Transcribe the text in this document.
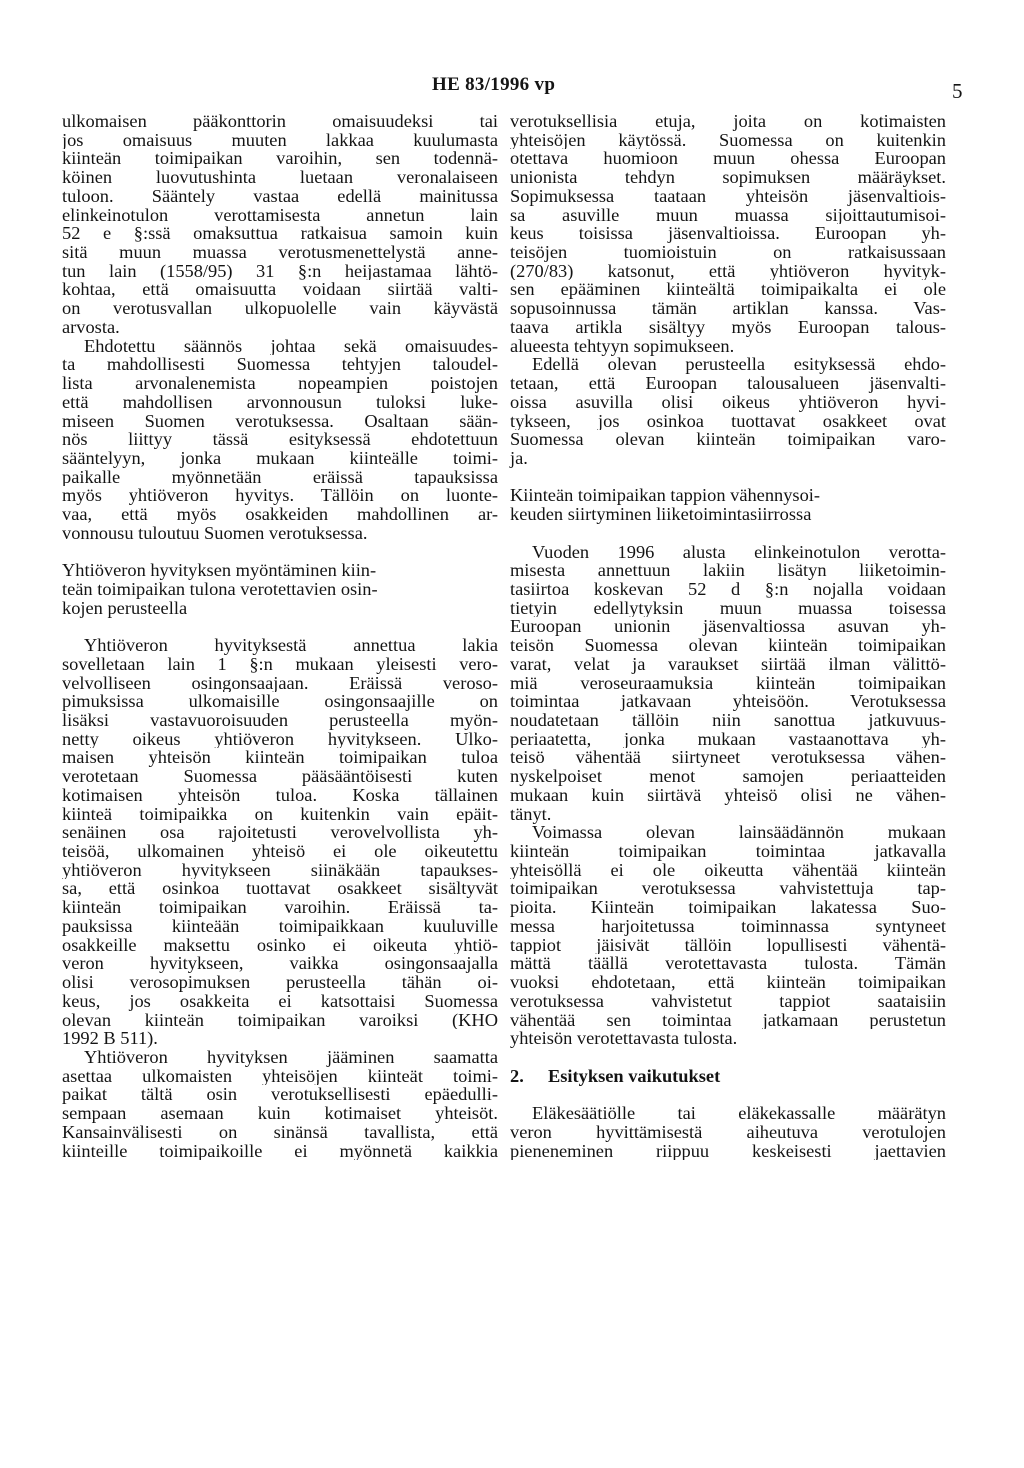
HE 83/1996 vp	5
ulkomaisen pääkonttorin omaisuudeksi tai
jos omaisuus muuten lakkaa kuulumasta
kiinteän toimipaikan varoihin, sen todennä-
köinen luovutushinta luetaan veronalaiseen
tuloon. Sääntely vastaa edellä mainitussa
elinkeinotulon verottamisesta annetun lain
52 e §:ssä omaksuttua ratkaisua samoin kuin
sitä muun muassa verotusmenettelystä anne-
tun lain (1558/95) 31 §:n heijastamaa lähtö-
kohtaa, että omaisuutta voidaan siirtää valti-
on verotusvallan ulkopuolelle vain käyvästä
arvosta.
Ehdotettu säännös johtaa sekä omaisuudes-
ta mahdollisesti Suomessa tehtyjen taloudel-
lista arvonalenemista nopeampien poistojen
että mahdollisen arvonnousun tuloksi luke-
miseen Suomen verotuksessa. Osaltaan sään-
nös liittyy tässä esityksessä ehdotettuun
sääntelyyn, jonka mukaan kiinteälle toimi-
paikalle myönnetään eräissä tapauksissa
myös yhtiöveron hyvitys. Tällöin on luonte-
vaa, että myös osakkeiden mahdollinen ar-
vonnousu tuloutuu Suomen verotuksessa.
Yhtiöveron hyvityksen myöntäminen kiin-
teän toimipaikan tulona verotettavien osin-
kojen perusteella
Yhtiöveron hyvityksestä annettua lakia
sovelletaan lain 1 §:n mukaan yleisesti vero-
velvolliseen osingonsaajaan. Eräissä veroso-
pimuksissa ulkomaisille osingonsaajille on
lisäksi vastavuoroisuuden perusteella myön-
netty oikeus yhtiöveron hyvitykseen. Ulko-
maisen yhteisön kiinteän toimipaikan tuloa
verotetaan Suomessa pääsääntöisesti kuten
kotimaisen yhteisön tuloa. Koska tällainen
kiinteä toimipaikka on kuitenkin vain epäit-
senäinen osa rajoitetusti verovelvollista yh-
teisöä, ulkomainen yhteisö ei ole oikeutettu
yhtiöveron hyvitykseen siinäkään tapaukses-
sa, että osinkoa tuottavat osakkeet sisältyvät
kiinteän toimipaikan varoihin. Eräissä ta-
pauksissa kiinteään toimipaikkaan kuuluville
osakkeille maksettu osinko ei oikeuta yhtiö-
veron hyvitykseen, vaikka osingonsaajalla
olisi verosopimuksen perusteella tähän oi-
keus, jos osakkeita ei katsottaisi Suomessa
olevan kiinteän toimipaikan varoiksi (KHO
1992 B 511).
Yhtiöveron hyvityksen jääminen saamatta
asettaa ulkomaisten yhteisöjen kiinteät toimi-
paikat tältä osin verotuksellisesti epäedulli-
sempaan asemaan kuin kotimaiset yhteisöt.
Kansainvälisesti on sinänsä tavallista, että
kiinteille toimipaikoille ei myönnetä kaikkia
verotuksellisia etuja, joita on kotimaisten
yhteisöjen käytössä. Suomessa on kuitenkin
otettava huomioon muun ohessa Euroopan
unionista tehdyn sopimuksen määräykset.
Sopimuksessa taataan yhteisön jäsenvaltiois-
sa asuville muun muassa sijoittautumisoi-
keus toisissa jäsenvaltioissa. Euroopan yh-
teisöjen tuomioistuin on ratkaisussaan
(270/83) katsonut, että yhtiöveron hyvityk-
sen epääminen kiinteältä toimipaikalta ei ole
sopusoinnussa tämän artiklan kanssa. Vas-
taava artikla sisältyy myös Euroopan talous-
alueesta tehtyyn sopimukseen.
Edellä olevan perusteella esityksessä ehdo-
tetaan, että Euroopan talousalueen jäsenvalti-
oissa asuvilla olisi oikeus yhtiöveron hyvi-
tykseen, jos osinkoa tuottavat osakkeet ovat
Suomessa olevan kiinteän toimipaikan varo-
ja.
Kiinteän toimipaikan tappion vähennysoi-
keuden siirtyminen liiketoimintasiirrossa
Vuoden 1996 alusta elinkeinotulon verotta-
misesta annettuun lakiin lisätyn liiketoimin-
tasiirtoa koskevan 52 d §:n nojalla voidaan
tietyin edellytyksin muun muassa toisessa
Euroopan unionin jäsenvaltiossa asuvan yh-
teisön Suomessa olevan kiinteän toimipaikan
varat, velat ja varaukset siirtää ilman välittö-
miä veroseuraamuksia kiinteän toimipaikan
toimintaa jatkavaan yhteisöön. Verotuksessa
noudatetaan tällöin niin sanottua jatkuvuus-
periaatetta, jonka mukaan vastaanottava yh-
teisö vähentää siirtyneet verotuksessa vähen-
nyskelpoiset menot samojen periaatteiden
mukaan kuin siirtävä yhteisö olisi ne vähen-
tänyt.
Voimassa olevan lainsäädännön mukaan
kiinteän toimipaikan toimintaa jatkavalla
yhteisöllä ei ole oikeutta vähentää kiinteän
toimipaikan verotuksessa vahvistettuja tap-
pioita. Kiinteän toimipaikan lakatessa Suo-
messa harjoitetussa toiminnassa syntyneet
tappiot jäisivät tällöin lopullisesti vähentä-
mättä täällä verotettavasta tulosta. Tämän
vuoksi ehdotetaan, että kiinteän toimipaikan
verotuksessa vahvistetut tappiot saataisiin
vähentää sen toimintaa jatkamaan perustetun
yhteisön verotettavasta tulosta.
2. Esityksen vaikutukset
Eläkesäätiölle tai eläkekassalle määrätyn
veron hyvittämisestä aiheutuva verotulojen
pieneneminen riippuu keskeisesti jaettavien
